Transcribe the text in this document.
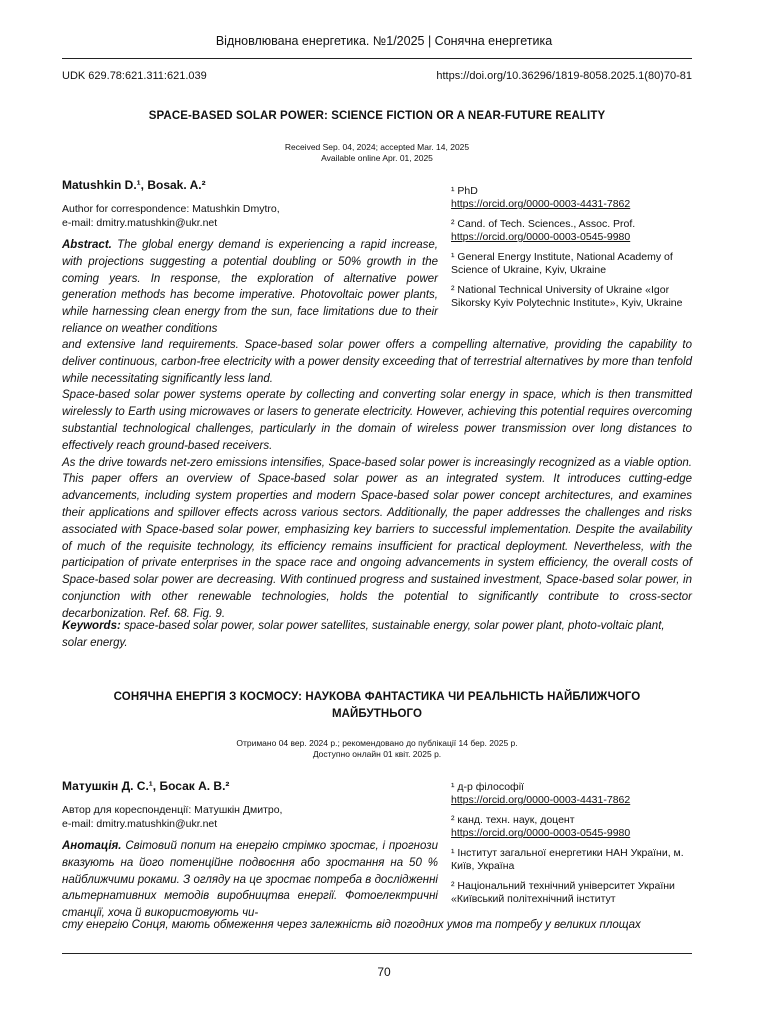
Відновлювана енергетика. №1/2025 | Сонячна енергетика
UDK 629.78:621.311:621.039	https://doi.org/10.36296/1819-8058.2025.1(80)70-81
SPACE-BASED SOLAR POWER: SCIENCE FICTION OR A NEAR-FUTURE REALITY
Received Sep. 04, 2024; accepted Mar. 14, 2025
Available online Apr. 01, 2025
Matushkin D.¹, Bosak. A.²
Author for correspondence: Matushkin Dmytro,
e-mail: dmitry.matushkin@ukr.net
¹ PhD
https://orcid.org/0000-0003-4431-7862
² Cand. of Tech. Sciences., Assoc. Prof.
https://orcid.org/0000-0003-0545-9980
¹ General Energy Institute, National Academy of Science of Ukraine, Kyiv, Ukraine
² National Technical University of Ukraine «Igor Sikorsky Kyiv Polytechnic Institute», Kyiv, Ukraine
Abstract. The global energy demand is experiencing a rapid increase, with projections suggesting a potential doubling or 50% growth in the coming years. In response, the exploration of alternative power generation methods has become imperative. Photovoltaic power plants, while harnessing clean energy from the sun, face limitations due to their reliance on weather conditions
and extensive land requirements. Space-based solar power offers a compelling alternative, providing the capability to deliver continuous, carbon-free electricity with a power density exceeding that of terrestrial alternatives by more than tenfold while necessitating significantly less land.
Space-based solar power systems operate by collecting and converting solar energy in space, which is then transmitted wirelessly to Earth using microwaves or lasers to generate electricity. However, achieving this potential requires overcoming substantial technological challenges, particularly in the domain of wireless power transmission over long distances to effectively reach ground-based receivers.
As the drive towards net-zero emissions intensifies, Space-based solar power is increasingly recognized as a viable option. This paper offers an overview of Space-based solar power as an integrated system. It introduces cutting-edge advancements, including system properties and modern Space-based solar power concept architectures, and examines their applications and spillover effects across various sectors. Additionally, the paper addresses the challenges and risks associated with Space-based solar power, emphasizing key barriers to successful implementation. Despite the availability of much of the requisite technology, its efficiency remains insufficient for practical deployment. Nevertheless, with the participation of private enterprises in the space race and ongoing advancements in system efficiency, the overall costs of Space-based solar power are decreasing. With continued progress and sustained investment, Space-based solar power, in conjunction with other renewable technologies, holds the potential to significantly contribute to cross-sector decarbonization. Ref. 68. Fig. 9.
Keywords: space-based solar power, solar power satellites, sustainable energy, solar power plant, photo-voltaic plant, solar energy.
СОНЯЧНА ЕНЕРГІЯ З КОСМОСУ: НАУКОВА ФАНТАСТИКА ЧИ РЕАЛЬНІСТЬ НАЙБЛИЖЧОГО
МАЙБУТНЬОГО
Отримано 04 вер. 2024 р.; рекомендовано до публікації 14 бер. 2025 р.
Доступно онлайн 01 квіт. 2025 р.
Матушкін Д. С.¹, Босак А. В.²
Автор для кореспонденції: Матушкін Дмитро,
e-mail: dmitry.matushkin@ukr.net
¹ д-р філософії
https://orcid.org/0000-0003-4431-7862
² канд. техн. наук, доцент
https://orcid.org/0000-0003-0545-9980
¹ Інститут загальної енергетики НАН України, м. Київ, Україна
² Національний технічний університет України «Київський політехнічний інститут
Анотація. Світовий попит на енергію стрімко зростає, і прогнози вказують на його потенційне подвоєння або зростання на 50 % найближчими роками. З огляду на це зростає потреба в дослідженні альтернативних методів виробництва енергії. Фотоелектричні станції, хоча й використовують чи-
сту енергію Сонця, мають обмеження через залежність від погодних умов та потребу у великих площах
70
